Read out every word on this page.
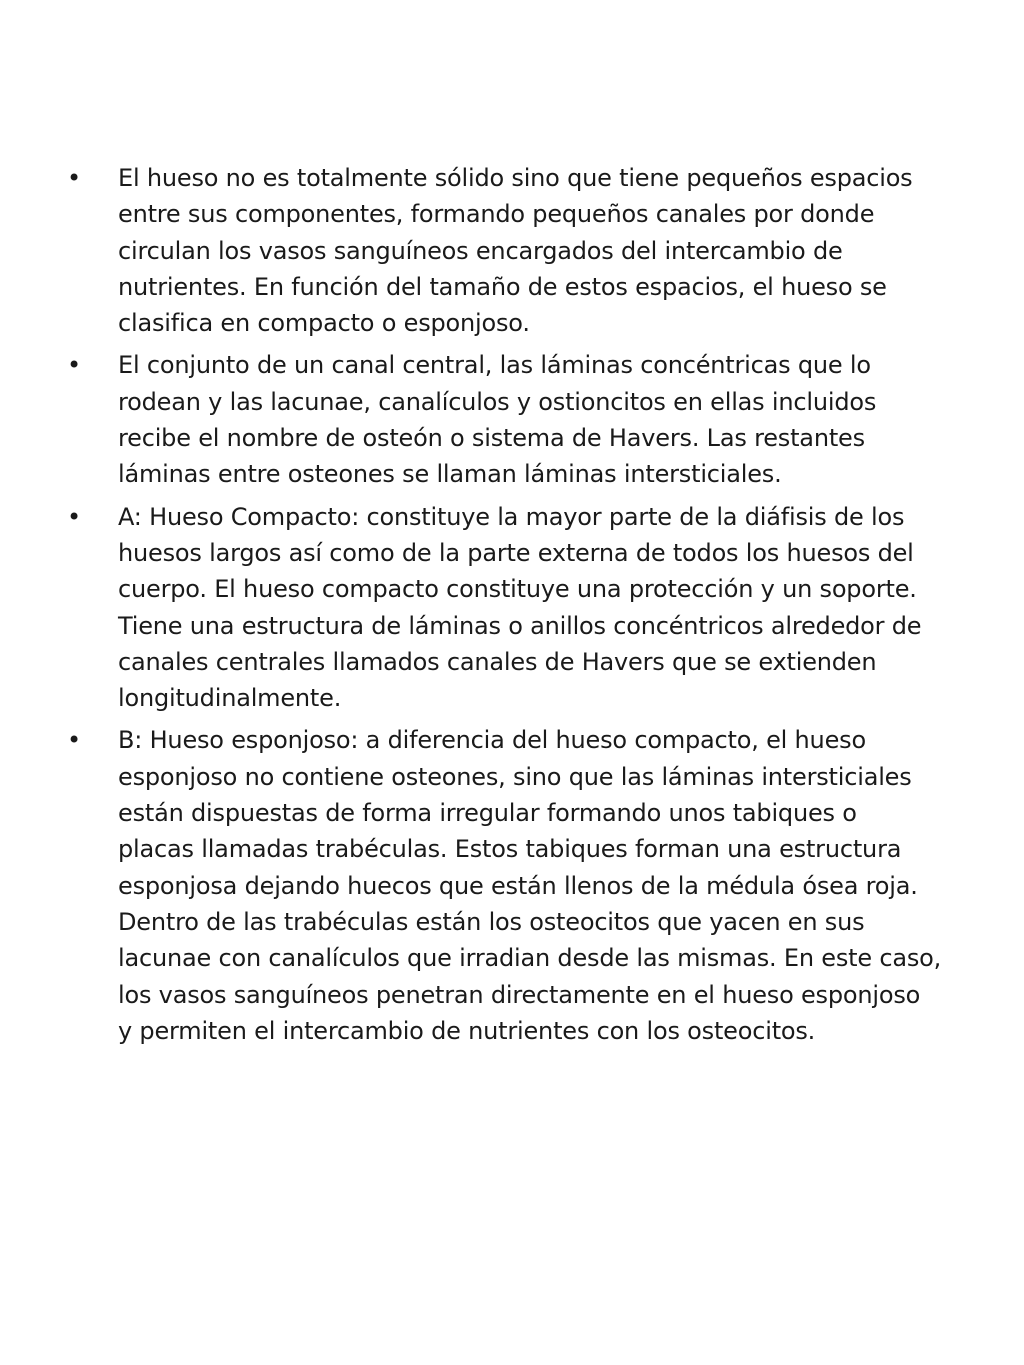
• El hueso no es totalmente sólido sino que tiene pequeños espacios
entre sus componentes, formando pequeños canales por donde
circulan los vasos sanguíneos encargados del intercambio de
nutrientes. En función del tamaño de estos espacios, el hueso se
clasifica en compacto o esponjoso.
• El conjunto de un canal central, las láminas concéntricas que lo
rodean y las lacunae, canalículos y ostioncitos en ellas incluidos
recibe el nombre de osteón o sistema de Havers. Las restantes
láminas entre osteones se llaman láminas intersticiales.
• A: Hueso Compacto: constituye la mayor parte de la diáfisis de los
huesos largos así como de la parte externa de todos los huesos del
cuerpo. El hueso compacto constituye una protección y un soporte.
Tiene una estructura de láminas o anillos concéntricos alrededor de
canales centrales llamados canales de Havers que se extienden
longitudinalmente.
• B: Hueso esponjoso: a diferencia del hueso compacto, el hueso
esponjoso no contiene osteones, sino que las láminas intersticiales
están dispuestas de forma irregular formando unos tabiques o
placas llamadas trabéculas. Estos tabiques forman una estructura
esponjosa dejando huecos que están llenos de la médula ósea roja.
Dentro de las trabéculas están los osteocitos que yacen en sus
lacunae con canalículos que irradian desde las mismas. En este caso,
los vasos sanguíneos penetran directamente en el hueso esponjoso
y permiten el intercambio de nutrientes con los osteocitos.
